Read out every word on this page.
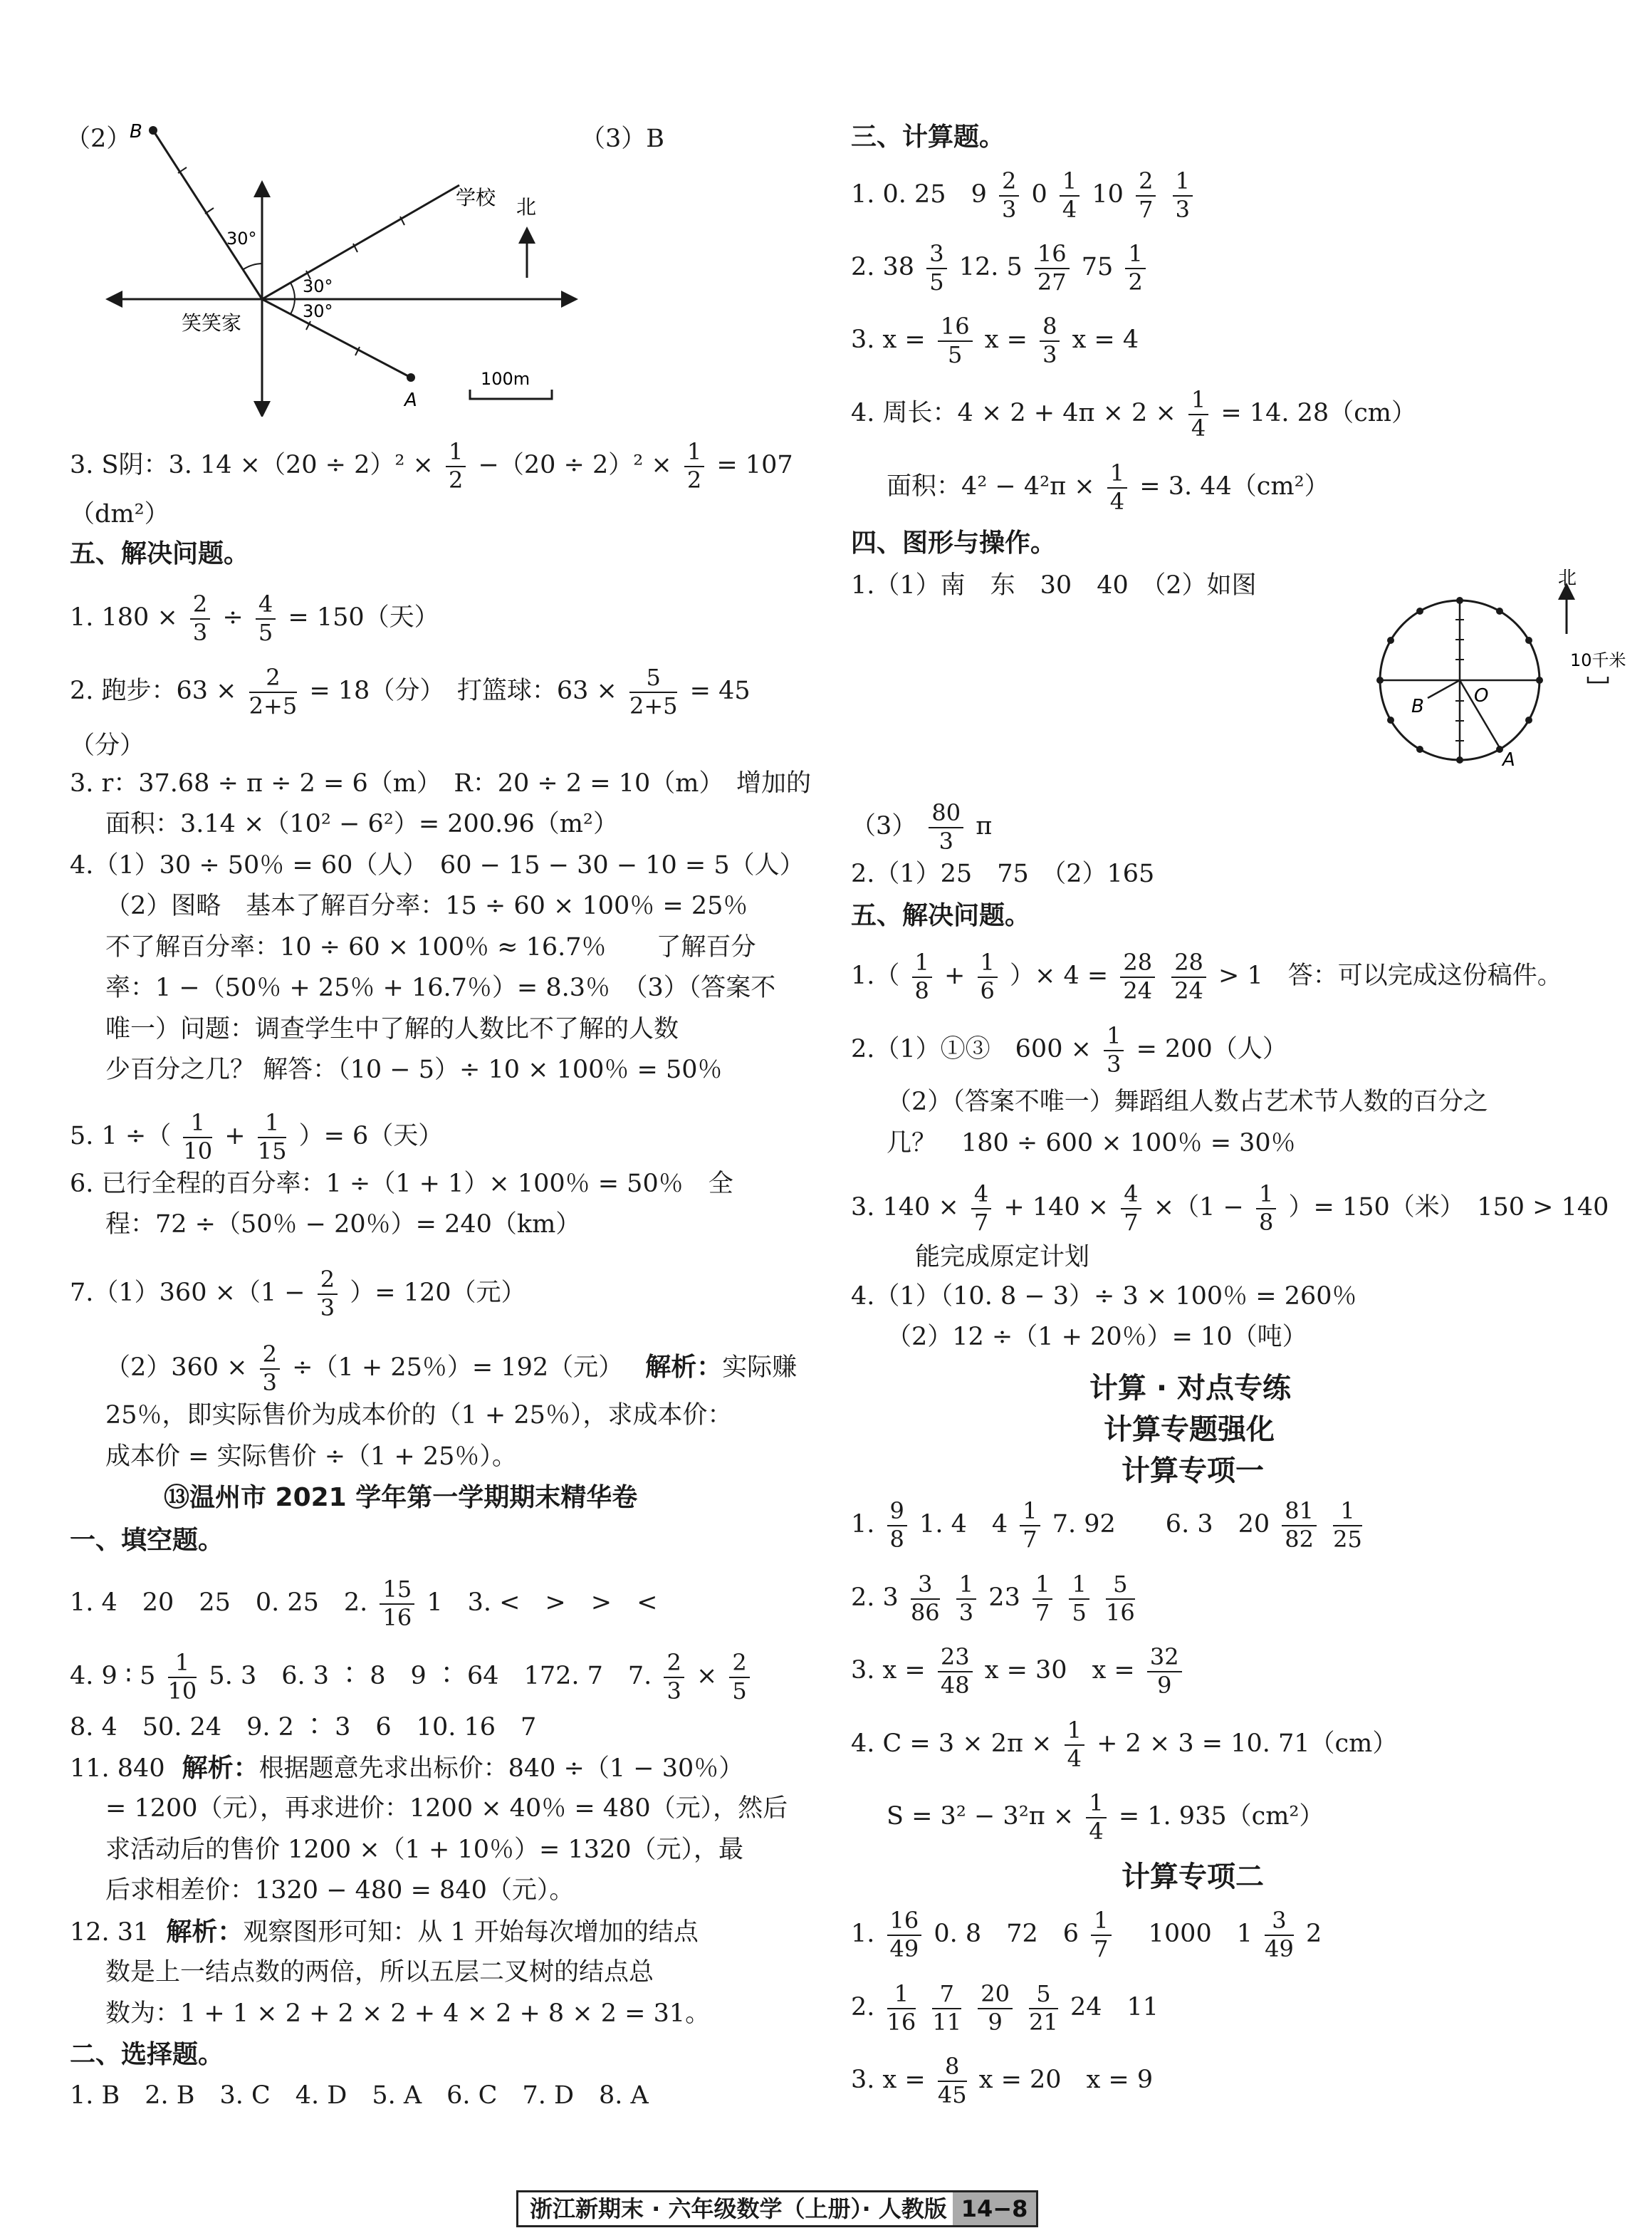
（2）	（3）B
B
A
学校
笑笑家
北
30°
30°
30°
100m
3. S阴：3. $14 \times(20 \div 2)^2 \times \frac{1}{2} -(20 \div 2)^2 \times \frac{1}{2} = 107$
（dm²）
五、解决问题。
1. $180 \times \frac{2}{3} \div \frac{4}{5} = 150$（天）
2. 跑步：$63 \times \frac{2}{2+5} = 18$（分）　打篮球：$63 \times \frac{5}{2+5} = 45$
（分）
3. r：37.68 ÷ π ÷ 2 = 6（m）　R：20 ÷ 2 = 10（m）　增加的
面积：3.14 ×（10² − 6²）= 200.96（m²）
4.（1）30 ÷ 50％ = 60（人）　60 − 15 − 30 − 10 = 5（人）
（2）图略　基本了解百分率：15 ÷ 60 × 100％ = 25％
不了解百分率：10 ÷ 60 × 100％ ≈ 16.7％　　了解百分
率：1 −（50％ + 25％ + 16.7％）= 8.3％　（3）（答案不
唯一）问题：调查学生中了解的人数比不了解的人数
少百分之几？ 解答：（10 − 5）÷ 10 × 100％ = 50％
5. 1 ÷（ $\frac{1}{10} + \frac{1}{15}$ ）= 6（天）
6. 已行全程的百分率：1 ÷（1 + 1）× 100％ = 50％　全
程：72 ÷（50％ − 20％）= 240（km）
$7.(1)360 \times(1 - \frac{2}{3}$ ）= 120（元）
$(2)360 \times \frac{2}{3} \div(1 + 25$％）= 192（元） 解析：实际赚
25％，即实际售价为成本价的（1 + 25％），求成本价：
成本价 = 实际售价 ÷（1 + 25％）。
⑬温州市 2021 学年第一学期期末精华卷
一、填空题。
1. 4　20　25　0. 25　2. $\frac{15}{16} 1$　3. <　>　>　<
4. 9 ∶ $5 \frac{1}{10} 5$. 3　6. 3 ∶ 8　9 ∶ 64　172. 7　7. $\frac{2}{3} \times \frac{2}{5}$
8. 4　50. 24　9. 2 ∶ 3　6　10. 16　7
11. 840 解析：根据题意先求出标价：840 ÷（1 − 30％）
= 1200（元），再求进价：1200 × 40％ = 480（元），然后
求活动后的售价 1200 ×（1 + 10％）= 1320（元），最
后求相差价：1320 − 480 = 840（元）。
12. 31 解析：观察图形可知：从 1 开始每次增加的结点
数是上一结点数的两倍，所以五层二叉树的结点总
数为：1 + 1 × 2 + 2 × 2 + 4 × 2 + 8 × 2 = 31。
二、选择题。
1. B　2. B　3. C　4. D　5. A　6. C　7. D　8. A
三、计算题。
1. 0. 25　$9 \frac{2}{3} 0 \frac{1}{4} 10 \frac{2}{7}$
$\frac{1}{3}$
2. $38 \frac{3}{5} 12$. $5 \frac{16}{27} 75 \frac{1}{2}$
3. $x = \frac{16}{5}$ $x = \frac{8}{3}$ x = 4
4. 周长：$4 \times 2 + 4\pi \times 2 \times \frac{1}{4} = 14$. 28（cm）
面积：$4^2 - 4^2\pi \times \frac{1}{4} = 3$. 44（cm²）
四、图形与操作。
1.（1）南　东　30　40　（2）如图	北
10千米
B	O
A
$(3) \frac{80}{3}$ π
2.（1）25　75　（2）165
五、解决问题。
$1.( \frac{1}{8} + \frac{1}{6}$ ）× $4 = \frac{28}{24}$
$\frac{28}{24} > 1$　答：可以完成这份稿件。
2.（1）①③　$600 \times \frac{1}{3} = 200$（人）
（2）（答案不唯一）舞蹈组人数占艺术节人数的百分之
几？　180 ÷ 600 × 100％ = 30％
3. $140 \times \frac{4}{7} + 140 \times \frac{4}{7} \times(1 - \frac{1}{8}$ ）= 150（米）　150 > 140
能完成原定计划
4.（1）（10. 8 − 3）÷ 3 × 100％ = 260％
（2）12 ÷（1 + 20％）= 10（吨）
计算 · 对点专练
计算专题强化
计算专项一
1. $\frac{9}{8} 1$. 4　$4 \frac{1}{7} 7$. 92　　6. 3　$20 \frac{81}{82}$
$\frac{1}{25}$
2. $3 \frac{3}{86}$
$\frac{1}{3} 23 \frac{1}{7}$
$\frac{1}{5}$
$\frac{5}{16}$
3. $x = \frac{23}{48}$ x = 30　$x = \frac{32}{9}$
4. $C = 3 \times 2\pi \times \frac{1}{4} + 2 \times 3 = 10$. 71（cm）
$S = 3^2 - 3^2\pi \times \frac{1}{4} = 1$. 935（cm²）
计算专项二
1. $\frac{16}{49} 0$. 8　72　$6 \frac{1}{7}$ 　1000　$1 \frac{3}{49} 2$
2. $\frac{1}{16}$
$\frac{7}{11}$
$\frac{20}{9}$
$\frac{5}{21} 24$　11
3. $x = \frac{8}{45}$ x = 20　x = 9
浙江新期末 · 六年级数学（上册）· 人教版 14−8
